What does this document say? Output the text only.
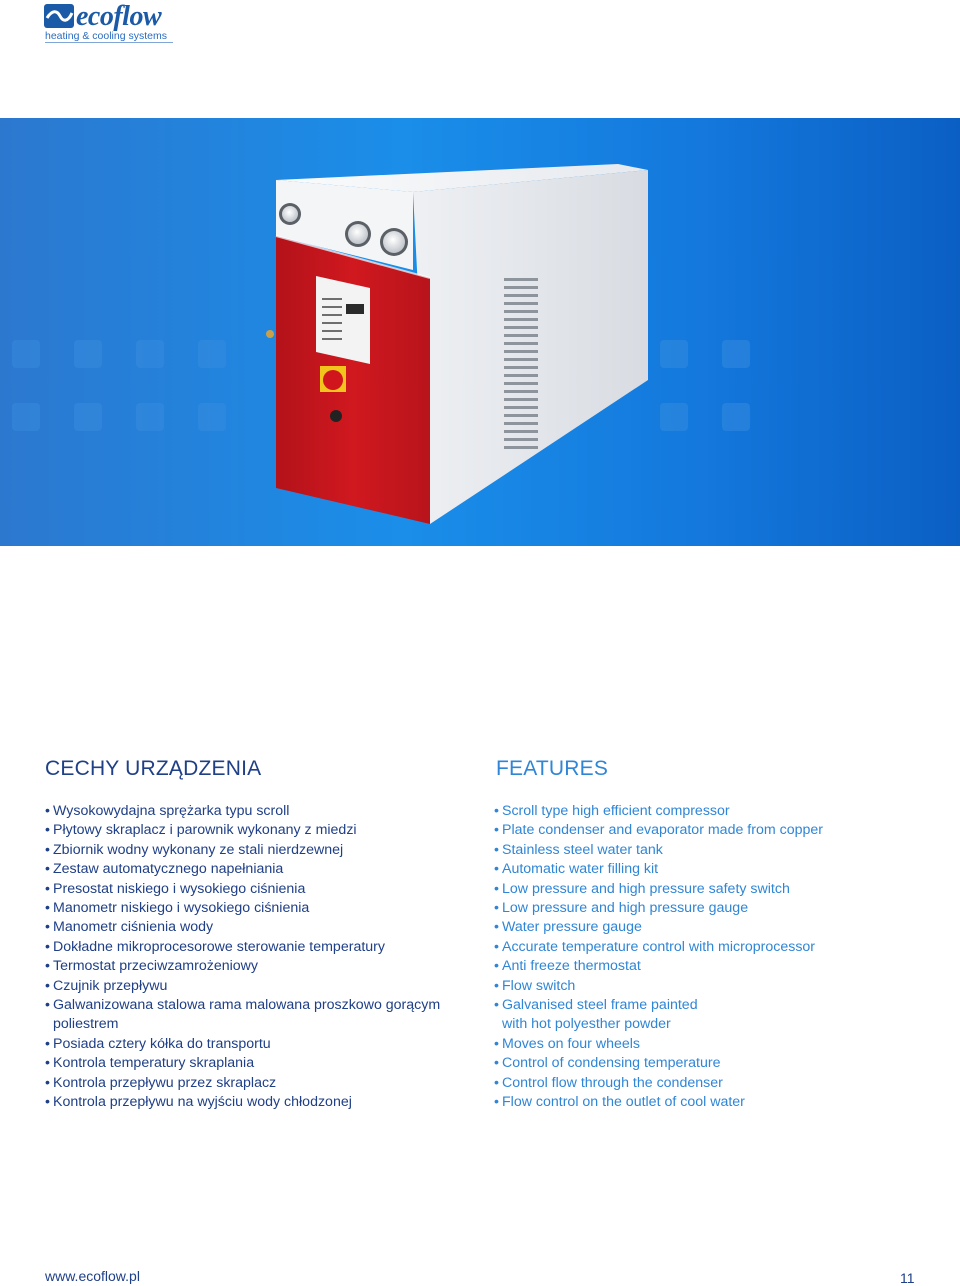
ecoflow
heating & cooling systems
CECHY URZĄDZENIA
• Wysokowydajna sprężarka typu scroll
• Płytowy skraplacz i parownik wykonany z miedzi
• Zbiornik wodny wykonany ze stali nierdzewnej
• Zestaw automatycznego napełniania
• Presostat niskiego i wysokiego ciśnienia
• Manometr niskiego i wysokiego ciśnienia
• Manometr ciśnienia wody
• Dokładne mikroprocesorowe sterowanie temperatury
• Termostat przeciwzamrożeniowy
• Czujnik przepływu
• Galwanizowana stalowa rama malowana proszkowo gorącym
poliestrem
• Posiada cztery kółka do transportu
• Kontrola temperatury skraplania
• Kontrola przepływu przez skraplacz
• Kontrola przepływu na wyjściu wody chłodzonej
FEATURES
• Scroll type high efficient compressor
• Plate condenser and evaporator made from copper
• Stainless steel water tank
• Automatic water filling kit
• Low pressure and high pressure safety switch
• Low pressure and high pressure gauge
• Water pressure gauge
• Accurate temperature control with microprocessor
• Anti freeze thermostat
• Flow switch
• Galvanised steel frame painted
with hot polyesther powder
• Moves on four wheels
• Control of condensing temperature
• Control flow through the condenser
• Flow control on the outlet of cool water
www.ecoflow.pl	11
